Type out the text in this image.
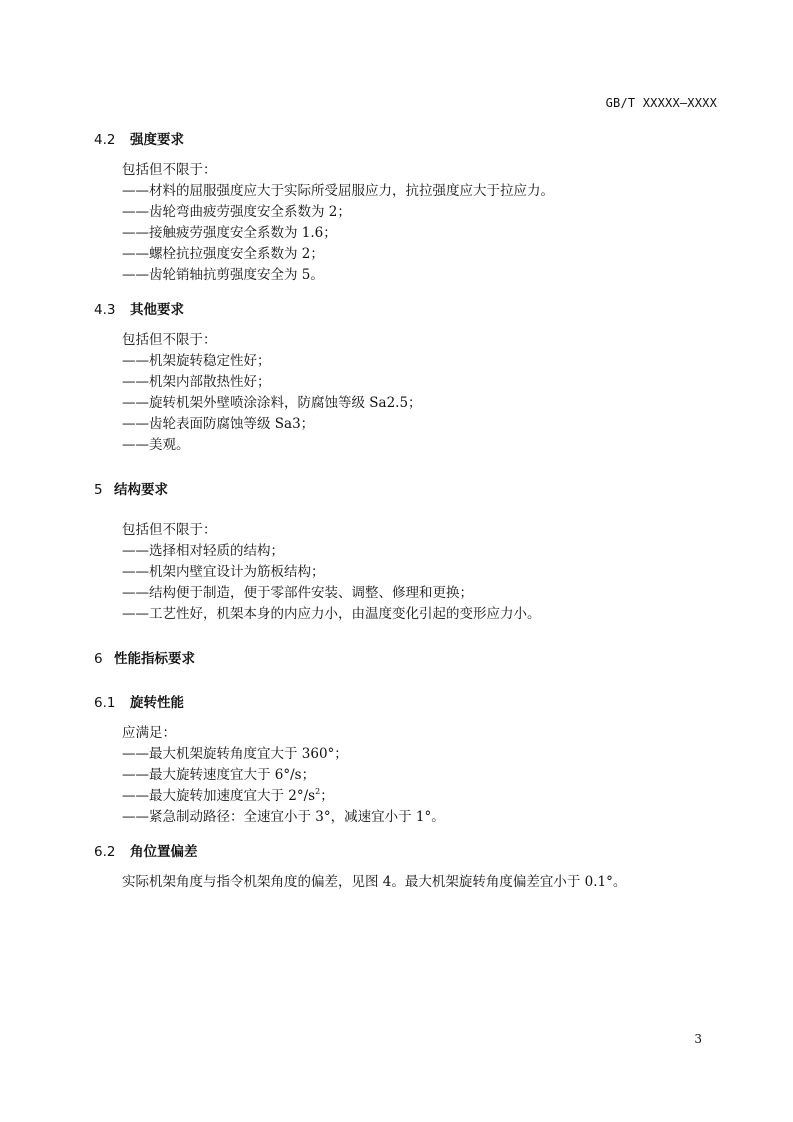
GB/T XXXXX—XXXX

4.2 强度要求

包括但不限于：
——材料的屈服强度应大于实际所受屈服应力，抗拉强度应大于拉应力。
——齿轮弯曲疲劳强度安全系数为 2；
——接触疲劳强度安全系数为 1.6；
——螺栓抗拉强度安全系数为 2；
——齿轮销轴抗剪强度安全为 5。

4.3 其他要求

包括但不限于：
——机架旋转稳定性好；
——机架内部散热性好；
——旋转机架外壁喷涂涂料，防腐蚀等级 Sa2.5；
——齿轮表面防腐蚀等级 Sa3；
——美观。

5 结构要求

包括但不限于：
——选择相对轻质的结构；
——机架内壁宜设计为筋板结构；
——结构便于制造，便于零部件安装、调整、修理和更换；
——工艺性好，机架本身的内应力小，由温度变化引起的变形应力小。

6 性能指标要求

6.1 旋转性能

应满足：
——最大机架旋转角度宜大于 360°；
——最大旋转速度宜大于 6°/s；
——最大旋转加速度宜大于 $2^\circ/s^2$；
——紧急制动路径：全速宜小于 3°，减速宜小于 1°。

6.2 角位置偏差

实际机架角度与指令机架角度的偏差，见图 4。最大机架旋转角度偏差宜小于 0.1°。
3
